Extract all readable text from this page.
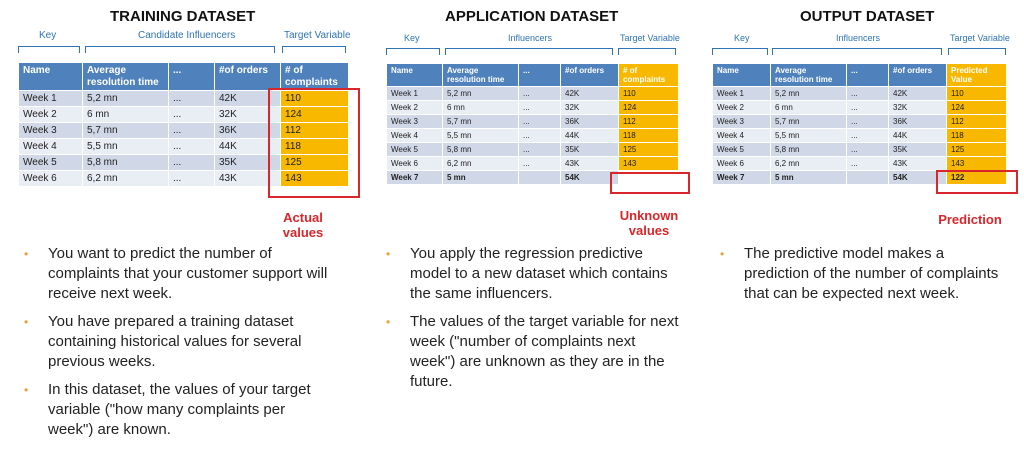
TRAINING DATASET
Key	Candidate Influencers	Target Variable
Name	Average resolution time	...	#of orders	# of complaints
Week 1	5,2 mn	...	42K	110
Week 2	6 mn	...	32K	124
Week 3	5,7 mn	...	36K	112
Week 4	5,5 mn	...	44K	118
Week 5	5,8 mn	...	35K	125
Week 6	6,2 mn	...	43K	143
Actual values
• You want to predict the number of complaints that your customer support will receive next week.
• You have prepared a training dataset containing historical values for several previous weeks.
• In this dataset, the values of your target variable ("how many complaints per week") are known.
APPLICATION DATASET
Key	Influencers	Target Variable
Name	Average resolution time	...	#of orders	# of complaints
Week 1	5,2 mn	...	42K	110
Week 2	6 mn	...	32K	124
Week 3	5,7 mn	...	36K	112
Week 4	5,5 mn	...	44K	118
Week 5	5,8 mn	...	35K	125
Week 6	6,2 mn	...	43K	143
Week 7	5 mn		54K	
Unknown values
• You apply the regression predictive model to a new dataset which contains the same influencers.
• The values of the target variable for next week ("number of complaints next week") are unknown as they are in the future.
OUTPUT DATASET
Key	Influencers	Target Variable
Name	Average resolution time	...	#of orders	Predicted Value
Week 1	5,2 mn	...	42K	110
Week 2	6 mn	...	32K	124
Week 3	5,7 mn	...	36K	112
Week 4	5,5 mn	...	44K	118
Week 5	5,8 mn	...	35K	125
Week 6	6,2 mn	...	43K	143
Week 7	5 mn		54K	122
Prediction
• The predictive model makes a prediction of the number of complaints that can be expected next week.
